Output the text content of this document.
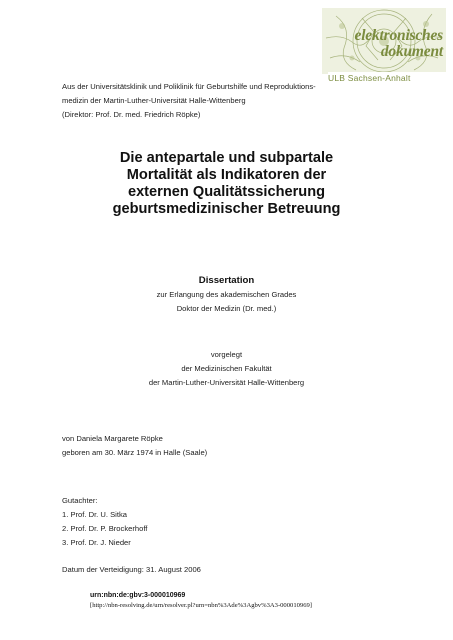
elektronisches
dokument
ULB Sachsen-Anhalt
Aus der Universitätsklinik und Poliklinik für Geburtshilfe und Reproduktions-
medizin der Martin-Luther-Universität Halle-Wittenberg
(Direktor: Prof. Dr. med. Friedrich Röpke)
Die antepartale und subpartale
Mortalität als Indikatoren der
externen Qualitätssicherung
geburtsmedizinischer Betreuung
Dissertation
zur Erlangung des akademischen Grades
Doktor der Medizin (Dr. med.)
vorgelegt
der Medizinischen Fakultät
der Martin-Luther-Universität Halle-Wittenberg
von Daniela Margarete Röpke
geboren am 30. März 1974 in Halle (Saale)
Gutachter:
1. Prof. Dr. U. Sitka
2. Prof. Dr. P. Brockerhoff
3. Prof. Dr. J. Nieder
Datum der Verteidigung: 31. August 2006
urn:nbn:de:gbv:3-000010969
[http://nbn-resolving.de/urn/resolver.pl?urn=nbn%3Ade%3Agbv%3A3-000010969]
